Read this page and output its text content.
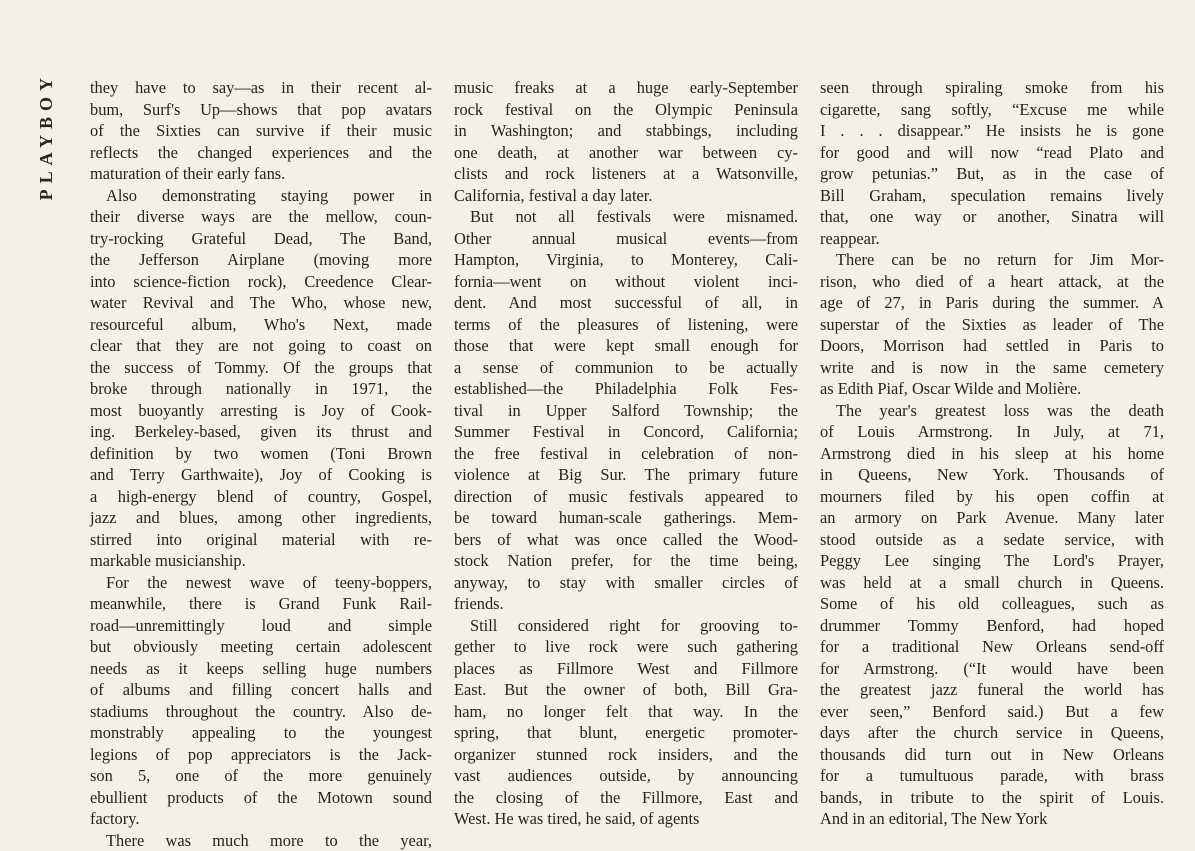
PLAYBOY they have to say—as in their recent al-
bum, Surf's Up—shows that pop avatars
of the Sixties can survive if their music
reflects the changed experiences and the
maturation of their early fans.
Also demonstrating staying power in
their diverse ways are the mellow, coun-
try-rocking Grateful Dead, The Band,
the Jefferson Airplane (moving more
into science-fiction rock), Creedence Clear-
water Revival and The Who, whose new,
resourceful album, Who's Next, made
clear that they are not going to coast on
the success of Tommy. Of the groups that
broke through nationally in 1971, the
most buoyantly arresting is Joy of Cook-
ing. Berkeley-based, given its thrust and
definition by two women (Toni Brown
and Terry Garthwaite), Joy of Cooking is
a high-energy blend of country, Gospel,
jazz and blues, among other ingredients,
stirred into original material with re-
markable musicianship.
For the newest wave of teeny-boppers,
meanwhile, there is Grand Funk Rail-
road—unremittingly loud and simple
but obviously meeting certain adolescent
needs as it keeps selling huge numbers
of albums and filling concert halls and
stadiums throughout the country. Also de-
monstrably appealing to the youngest
legions of pop appreciators is the Jack-
son 5, one of the more genuinely
ebullient products of the Motown sound
factory.
There was much more to the year,
music freaks at a huge early-September
rock festival on the Olympic Peninsula
in Washington; and stabbings, including
one death, at another war between cy-
clists and rock listeners at a Watsonville,
California, festival a day later.
But not all festivals were misnamed.
Other annual musical events—from
Hampton, Virginia, to Monterey, Cali-
fornia—went on without violent inci-
dent. And most successful of all, in
terms of the pleasures of listening, were
those that were kept small enough for
a sense of communion to be actually
established—the Philadelphia Folk Fes-
tival in Upper Salford Township; the
Summer Festival in Concord, California;
the free festival in celebration of non-
violence at Big Sur. The primary future
direction of music festivals appeared to
be toward human-scale gatherings. Mem-
bers of what was once called the Wood-
stock Nation prefer, for the time being,
anyway, to stay with smaller circles of
friends.
Still considered right for grooving to-
gether to live rock were such gathering
places as Fillmore West and Fillmore
East. But the owner of both, Bill Gra-
ham, no longer felt that way. In the
spring, that blunt, energetic promoter-
organizer stunned rock insiders, and the
vast audiences outside, by announcing
the closing of the Fillmore, East and
West. He was tired, he said, of agents
seen through spiraling smoke from his
cigarette, sang softly, “Excuse me while
I . . . disappear.” He insists he is gone
for good and will now “read Plato and
grow petunias.” But, as in the case of
Bill Graham, speculation remains lively
that, one way or another, Sinatra will
reappear.
There can be no return for Jim Mor-
rison, who died of a heart attack, at the
age of 27, in Paris during the summer. A
superstar of the Sixties as leader of The
Doors, Morrison had settled in Paris to
write and is now in the same cemetery
as Edith Piaf, Oscar Wilde and Molière.
The year's greatest loss was the death
of Louis Armstrong. In July, at 71,
Armstrong died in his sleep at his home
in Queens, New York. Thousands of
mourners filed by his open coffin at
an armory on Park Avenue. Many later
stood outside as a sedate service, with
Peggy Lee singing The Lord's Prayer,
was held at a small church in Queens.
Some of his old colleagues, such as
drummer Tommy Benford, had hoped
for a traditional New Orleans send-off
for Armstrong. (“It would have been
the greatest jazz funeral the world has
ever seen,” Benford said.) But a few
days after the church service in Queens,
thousands did turn out in New Orleans
for a tumultuous parade, with brass
bands, in tribute to the spirit of Louis.
And in an editorial, The New York
